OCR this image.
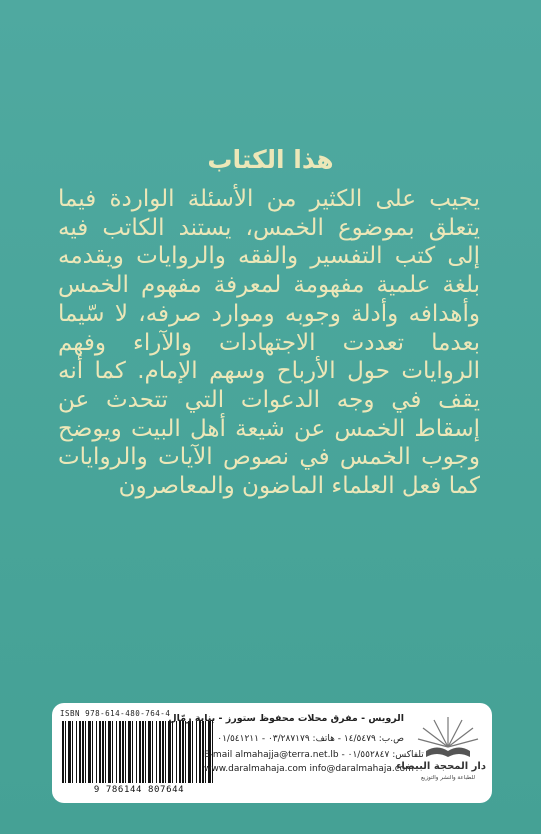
هذا الكتاب
يجيب على الكثير من الأسئلة الواردة فيما يتعلق بموضوع الخمس، يستند الكاتب فيه إلى كتب التفسير والفقه والروايات ويقدمه بلغة علمية مفهومة لمعرفة مفهوم الخمس وأهدافه وأدلة وجوبه وموارد صرفه، لا سّيما بعدما تعددت الاجتهادات والآراء وفهم الروايات حول الأرباح وسهم الإمام. كما أنه يقف في وجه الدعوات التي تتحدث عن إسقاط الخمس عن شيعة أهل البيت ويوضح وجوب الخمس في نصوص الآيات والروايات كما فعل العلماء الماضون والمعاصرون
ISBN 978-614-480-764-4
9 786144 807644
الرويس - مفرق محلات محفوظ ستورز - بناية رمّال
ص.ب: ١٤/٥٤٧٩ - هاتف: ٠٣/٢٨٧١٧٩ - ٠١/٥٤١٢١١
E-mail almahajja@terra.net.lb - تلفاكس: ٠١/٥٥٢٨٤٧
www.daralmahaja.com info@daralmahaja.com
دار المحجة البيضاء
للطباعة والنشر والتوزيع
